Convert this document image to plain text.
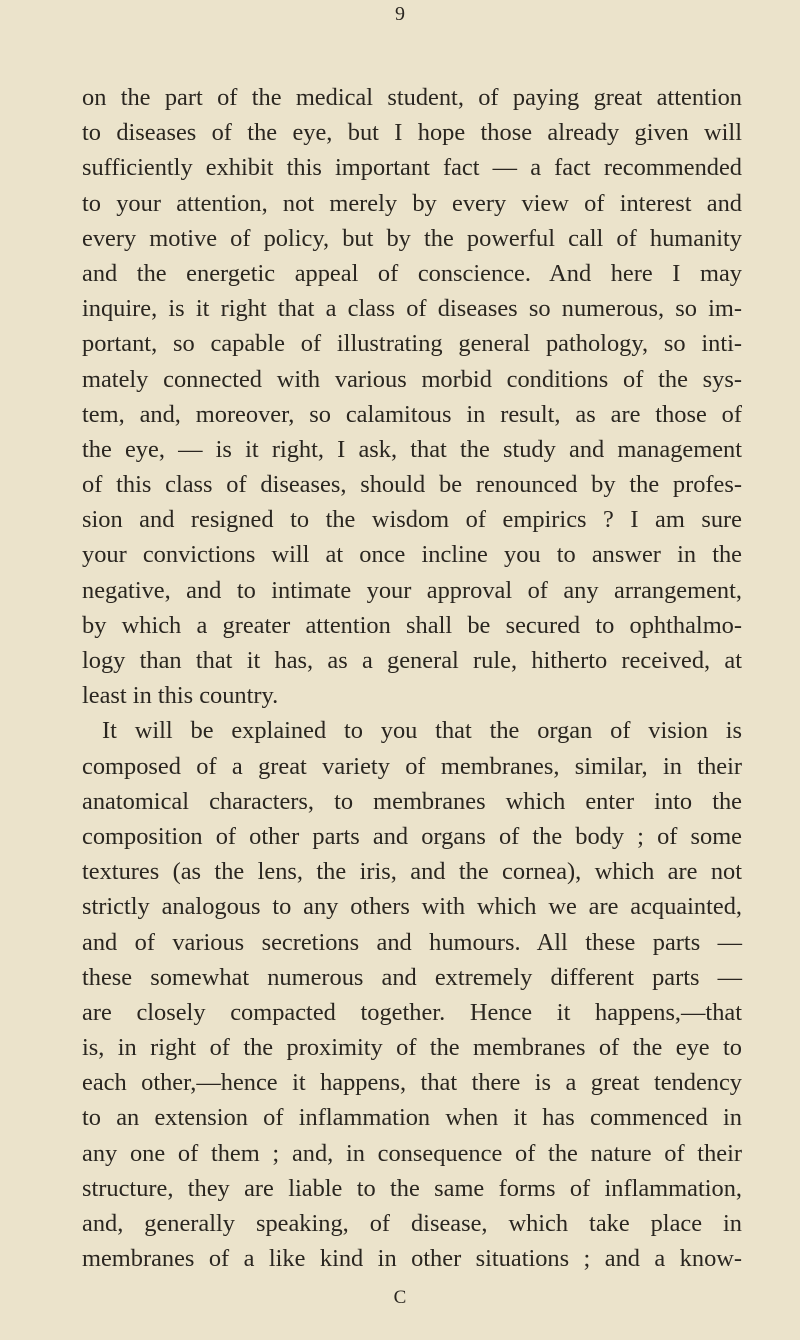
9
on the part of the medical student, of paying great attention
to diseases of the eye, but I hope those already given will
sufficiently exhibit this important fact — a fact recommended
to your attention, not merely by every view of interest and
every motive of policy, but by the powerful call of humanity
and the energetic appeal of conscience. And here I may
inquire, is it right that a class of diseases so numerous, so im-
portant, so capable of illustrating general pathology, so inti-
mately connected with various morbid conditions of the sys-
tem, and, moreover, so calamitous in result, as are those of
the eye, — is it right, I ask, that the study and management
of this class of diseases, should be renounced by the profes-
sion and resigned to the wisdom of empirics ? I am sure
your convictions will at once incline you to answer in the
negative, and to intimate your approval of any arrangement,
by which a greater attention shall be secured to ophthalmo-
logy than that it has, as a general rule, hitherto received, at
least in this country.
It will be explained to you that the organ of vision is
composed of a great variety of membranes, similar, in their
anatomical characters, to membranes which enter into the
composition of other parts and organs of the body ; of some
textures (as the lens, the iris, and the cornea), which are not
strictly analogous to any others with which we are acquainted,
and of various secretions and humours. All these parts —
these somewhat numerous and extremely different parts —
are closely compacted together. Hence it happens,—that
is, in right of the proximity of the membranes of the eye to
each other,—hence it happens, that there is a great tendency
to an extension of inflammation when it has commenced in
any one of them ; and, in consequence of the nature of their
structure, they are liable to the same forms of inflammation,
and, generally speaking, of disease, which take place in
membranes of a like kind in other situations ; and a know-
C
